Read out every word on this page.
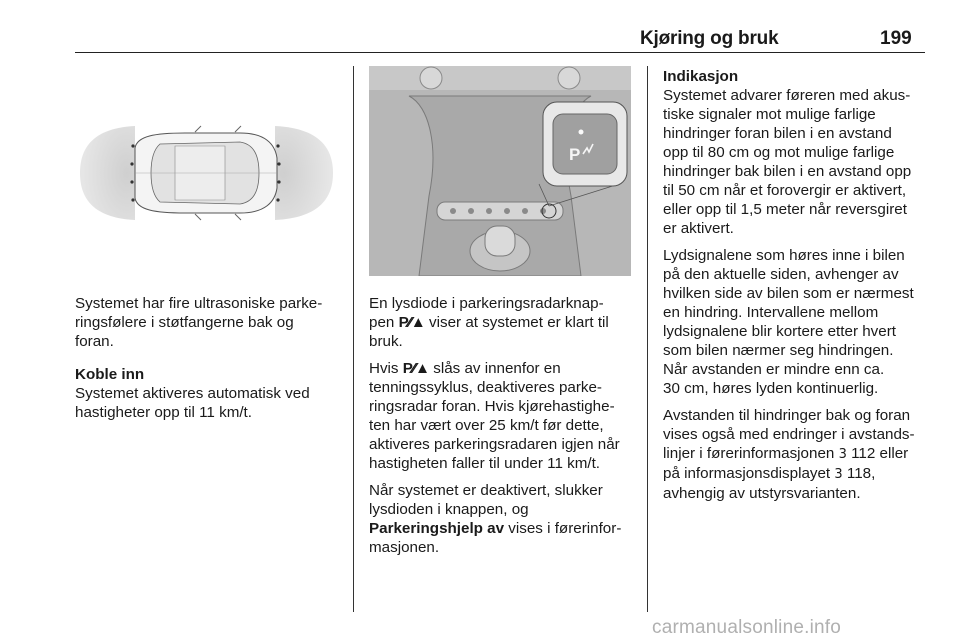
Kjøring og bruk	199
P

Systemet har fire ultrasoniske parke-
ringsfølere i støtfangerne bak og
foran.

Koble inn
Systemet aktiveres automatisk ved
hastigheter opp til 11 km/t.

En lysdiode i parkeringsradarknap-
pen P⁄⁄▲ viser at systemet er klart til
bruk.

Hvis P⁄⁄▲ slås av innenfor en
tenningssyklus, deaktiveres parke-
ringsradar foran. Hvis kjørehastighe-
ten har vært over 25 km/t før dette,
aktiveres parkeringsradaren igjen når
hastigheten faller til under 11 km/t.

Når systemet er deaktivert, slukker
lysdioden i knappen, og
Parkeringshjelp av vises i førerinfor-
masjonen.

Indikasjon
Systemet advarer føreren med akus-
tiske signaler mot mulige farlige
hindringer foran bilen i en avstand
opp til 80 cm og mot mulige farlige
hindringer bak bilen i en avstand opp
til 50 cm når et forovergir er aktivert,
eller opp til 1,5 meter når reversgiret
er aktivert.

Lydsignalene som høres inne i bilen
på den aktuelle siden, avhenger av
hvilken side av bilen som er nærmest
en hindring. Intervallene mellom
lydsignalene blir kortere etter hvert
som bilen nærmer seg hindringen.
Når avstanden er mindre enn ca.
30 cm, høres lyden kontinuerlig.

Avstanden til hindringer bak og foran
vises også med endringer i avstands-
linjer i førerinformasjonen 3 112 eller
på informasjonsdisplayet 3 118,
avhengig av utstyrsvarianten.

carmanualsonline.info
